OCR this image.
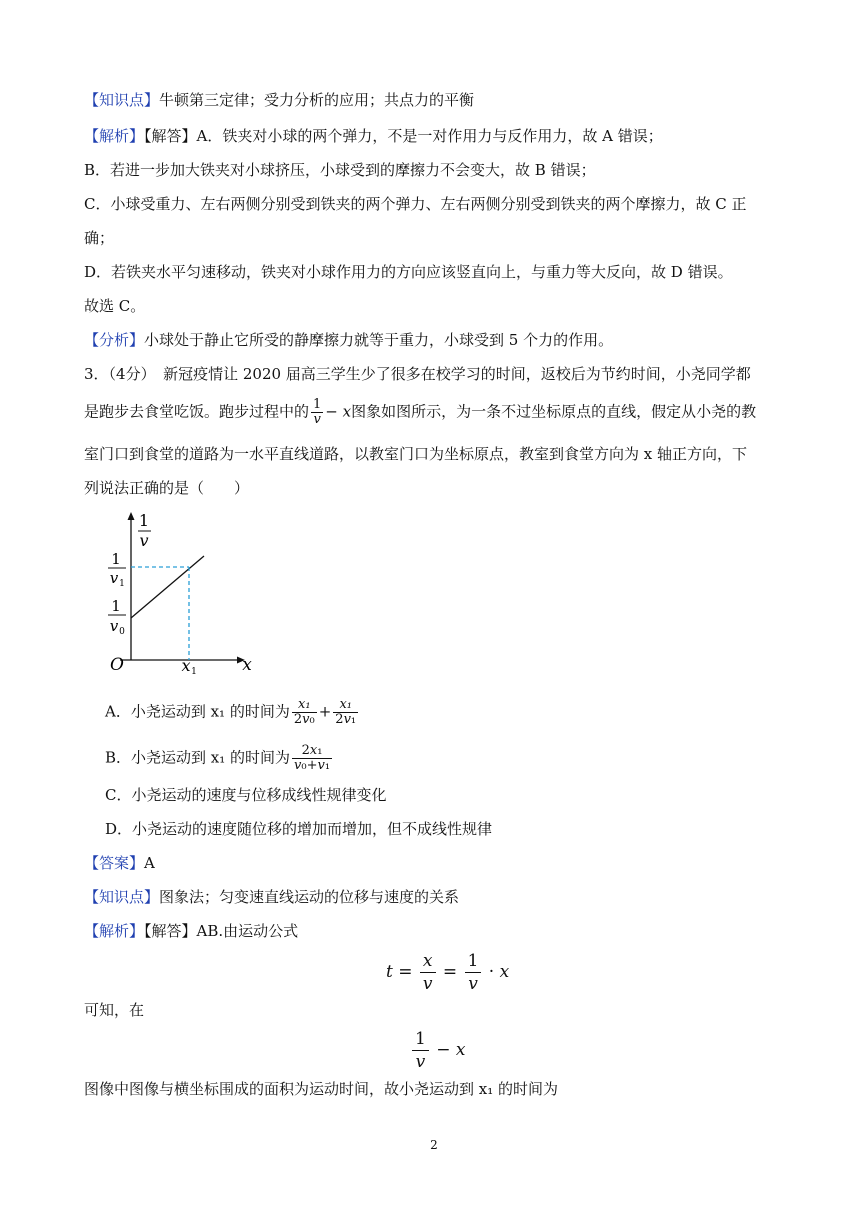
【知识点】牛顿第三定律；受力分析的应用；共点力的平衡
【解析】【解答】A．铁夹对小球的两个弹力，不是一对作用力与反作用力，故 A 错误；
B．若进一步加大铁夹对小球挤压，小球受到的摩擦力不会变大，故 B 错误；
C．小球受重力、左右两侧分别受到铁夹的两个弹力、左右两侧分别受到铁夹的两个摩擦力，故 C 正
确；
D．若铁夹水平匀速移动，铁夹对小球作用力的方向应该竖直向上，与重力等大反向，故 D 错误。
故选 C。
【分析】小球处于静止它所受的静摩擦力就等于重力，小球受到 5 个力的作用。
3．（4分）　新冠疫情让 2020 届高三学生少了很多在校学习的时间，返校后为节约时间，小尧同学都
是跑步去食堂吃饭。跑步过程中的 $\frac{1}{v} - x$图象如图所示，为一条不过坐标原点的直线，假定从小尧的教
室门口到食堂的道路为一水平直线道路，以教室门口为坐标原点，教室到食堂方向为 x 轴正方向，下
列说法正确的是（　　）
1
v
1
v 1
1
v 0
O	x 1	x
A．小尧运动到 x₁ 的时间为 $\frac{\text{x₁}}{\text{2v₀}} + \frac{\text{x₁}}{\text{2v₁}}$
B．小尧运动到 x₁ 的时间为 $\frac{\text{2x₁}}{\text{v₀+v₁}}$
C．小尧运动的速度与位移成线性规律变化
D．小尧运动的速度随位移的增加而增加，但不成线性规律
【答案】A
【知识点】图象法；匀变速直线运动的位移与速度的关系
【解析】【解答】AB.由运动公式
$t = \frac{x}{v} = \frac{1}{v} \cdot x$
可知，在
$\frac{1}{v} - x$
图像中图像与横坐标围成的面积为运动时间，故小尧运动到 x₁ 的时间为
2
